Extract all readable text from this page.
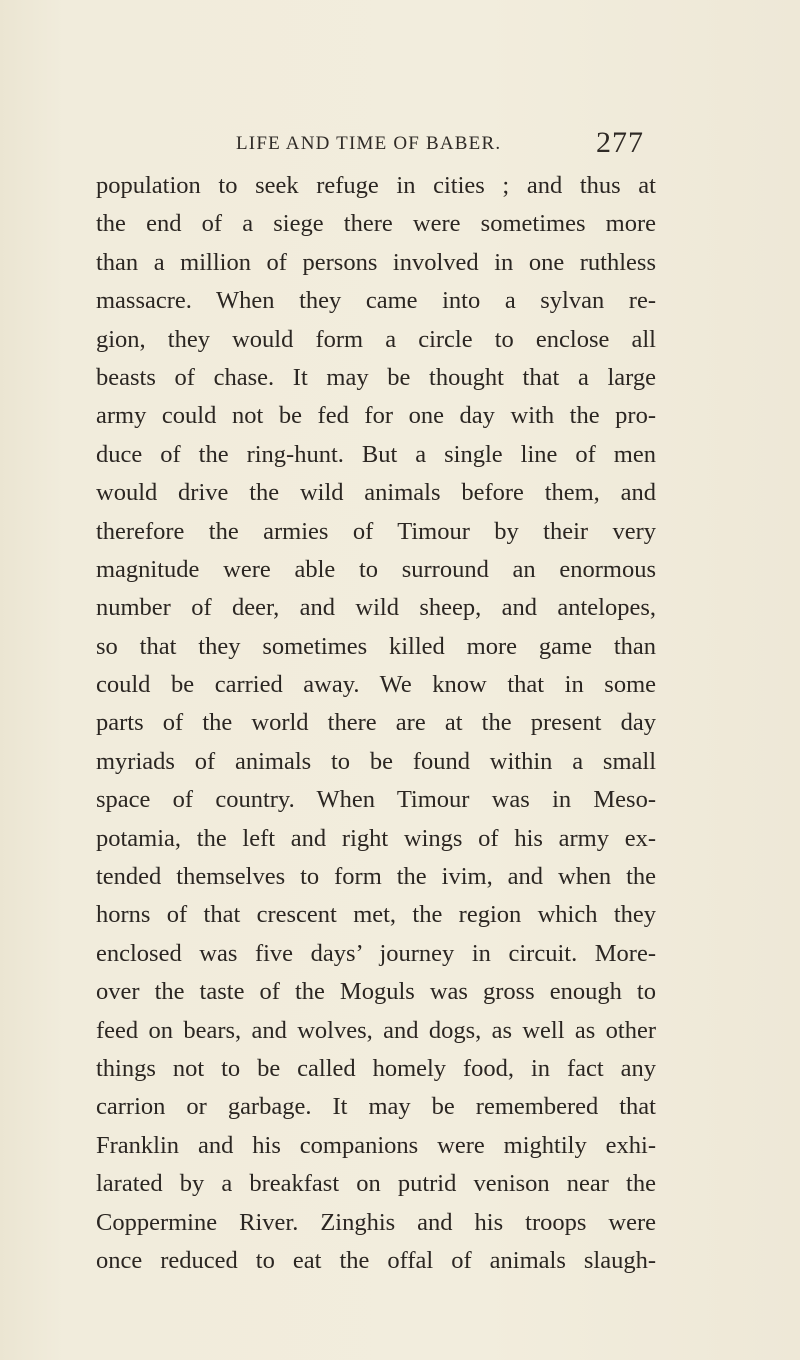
LIFE AND TIME OF BABER.	277
population to seek refuge in cities ; and thus at
the end of a siege there were sometimes more
than a million of persons involved in one ruthless
massacre. When they came into a sylvan re-
gion, they would form a circle to enclose all
beasts of chase. It may be thought that a large
army could not be fed for one day with the pro-
duce of the ring-hunt. But a single line of men
would drive the wild animals before them, and
therefore the armies of Timour by their very
magnitude were able to surround an enormous
number of deer, and wild sheep, and antelopes,
so that they sometimes killed more game than
could be carried away. We know that in some
parts of the world there are at the present day
myriads of animals to be found within a small
space of country. When Timour was in Meso-
potamia, the left and right wings of his army ex-
tended themselves to form the ivim, and when the
horns of that crescent met, the region which they
enclosed was five days’ journey in circuit. More-
over the taste of the Moguls was gross enough to
feed on bears, and wolves, and dogs, as well as other
things not to be called homely food, in fact any
carrion or garbage. It may be remembered that
Franklin and his companions were mightily exhi-
larated by a breakfast on putrid venison near the
Coppermine River. Zinghis and his troops were
once reduced to eat the offal of animals slaugh-
